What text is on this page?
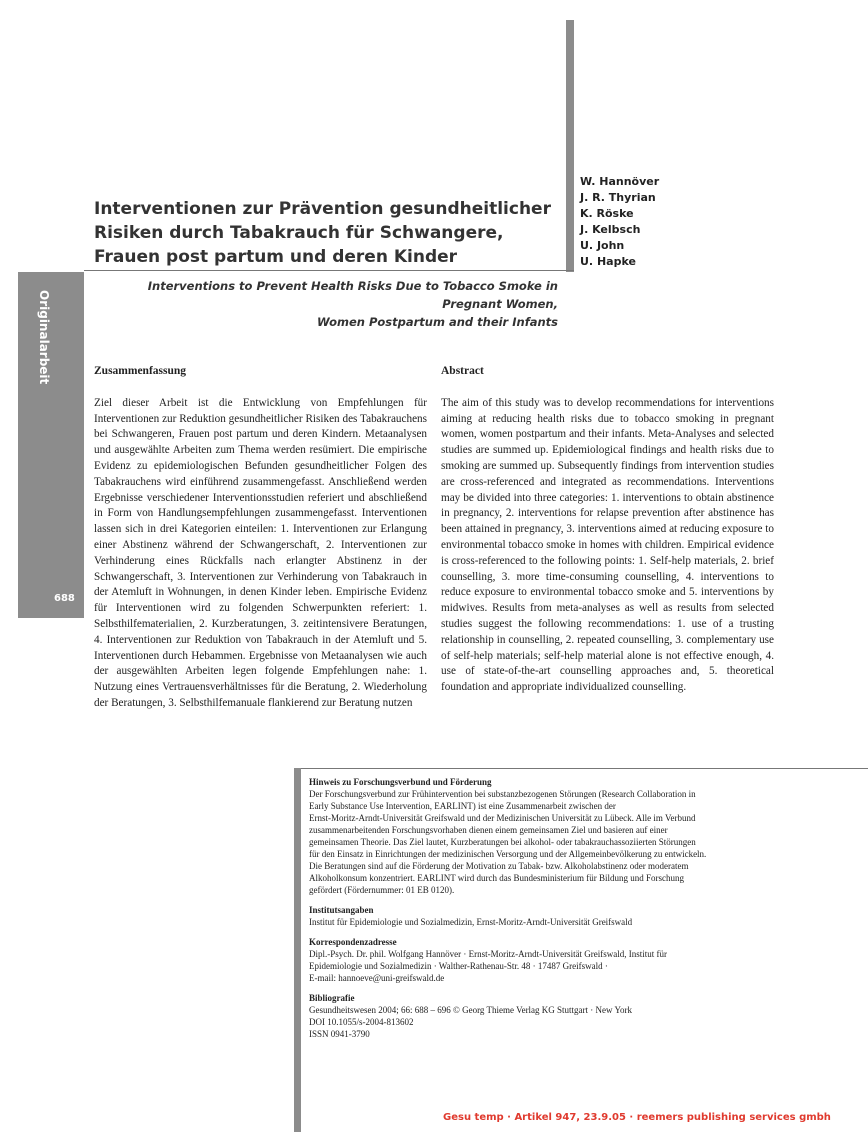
Originalarbeit
688
W. Hannöver
J. R. Thyrian
K. Röske
J. Kelbsch
U. John
U. Hapke
Interventionen zur Prävention gesundheitlicher
Risiken durch Tabakrauch für Schwangere,
Frauen post partum und deren Kinder
Interventions to Prevent Health Risks Due to Tobacco Smoke in Pregnant Women,
Women Postpartum and their Infants
Zusammenfassung

Ziel dieser Arbeit ist die Entwicklung von Empfehlungen für Interventionen zur Reduktion gesundheitlicher Risiken des Tabakrauchens bei Schwangeren, Frauen post partum und deren Kindern. Metaanalysen und ausgewählte Arbeiten zum Thema werden resümiert. Die empirische Evidenz zu epidemiologischen Befunden gesundheitlicher Folgen des Tabakrauchens wird einführend zusammengefasst. Anschließend werden Ergebnisse verschiedener Interventionsstudien referiert und abschließend in Form von Handlungsempfehlungen zusammengefasst. Interventionen lassen sich in drei Kategorien einteilen: 1. Interventionen zur Erlangung einer Abstinenz während der Schwangerschaft, 2. Interventionen zur Verhinderung eines Rückfalls nach erlangter Abstinenz in der Schwangerschaft, 3. Interventionen zur Verhinderung von Tabakrauch in der Atemluft in Wohnungen, in denen Kinder leben. Empirische Evidenz für Interventionen wird zu folgenden Schwerpunkten referiert: 1. Selbsthilfematerialien, 2. Kurzberatungen, 3. zeitintensivere Beratungen, 4. Interventionen zur Reduktion von Tabakrauch in der Atemluft und 5. Interventionen durch Hebammen. Ergebnisse von Metaanalysen wie auch der ausgewählten Arbeiten legen folgende Empfehlungen nahe: 1. Nutzung eines Vertrauensverhältnisses für die Beratung, 2. Wiederholung der Beratungen, 3. Selbsthilfemanuale flankierend zur Beratung nutzen

Abstract

The aim of this study was to develop recommendations for interventions aiming at reducing health risks due to tobacco smoking in pregnant women, women postpartum and their infants. Meta-Analyses and selected studies are summed up. Epidemiological findings and health risks due to smoking are summed up. Subsequently findings from intervention studies are cross-referenced and integrated as recommendations. Interventions may be divided into three categories: 1. interventions to obtain abstinence in pregnancy, 2. interventions for relapse prevention after abstinence has been attained in pregnancy, 3. interventions aimed at reducing exposure to environmental tobacco smoke in homes with children. Empirical evidence is cross-referenced to the following points: 1. Self-help materials, 2. brief counselling, 3. more time-consuming counselling, 4. interventions to reduce exposure to environmental tobacco smoke and 5. interventions by midwives. Results from meta-analyses as well as results from selected studies suggest the following recommendations: 1. use of a trusting relationship in counselling, 2. repeated counselling, 3. complementary use of self-help materials; self-help material alone is not effective enough, 4. use of state-of-the-art counselling approaches and, 5. theoretical foundation and appropriate individualized counselling.

Hinweis zu Forschungsverbund und Förderung
Der Forschungsverbund zur Frühintervention bei substanzbezogenen Störungen (Research Collaboration in
Early Substance Use Intervention, EARLINT) ist eine Zusammenarbeit zwischen der
Ernst-Moritz-Arndt-Universität Greifswald und der Medizinischen Universität zu Lübeck. Alle im Verbund
zusammenarbeitenden Forschungsvorhaben dienen einem gemeinsamen Ziel und basieren auf einer
gemeinsamen Theorie. Das Ziel lautet, Kurzberatungen bei alkohol- oder tabakrauchassoziierten Störungen
für den Einsatz in Einrichtungen der medizinischen Versorgung und der Allgemeinbevölkerung zu entwickeln.
Die Beratungen sind auf die Förderung der Motivation zu Tabak- bzw. Alkoholabstinenz oder moderatem
Alkoholkonsum konzentriert. EARLINT wird durch das Bundesministerium für Bildung und Forschung
gefördert (Fördernummer: 01 EB 0120).
Institutsangaben
Institut für Epidemiologie und Sozialmedizin, Ernst-Moritz-Arndt-Universität Greifswald
Korrespondenzadresse
Dipl.-Psych. Dr. phil. Wolfgang Hannöver · Ernst-Moritz-Arndt-Universität Greifswald, Institut für
Epidemiologie und Sozialmedizin · Walther-Rathenau-Str. 48 · 17487 Greifswald ·
E-mail: hannoeve@uni-greifswald.de
Bibliografie
Gesundheitswesen 2004; 66: 688 – 696 © Georg Thieme Verlag KG Stuttgart · New York
DOI 10.1055/s-2004-813602
ISSN 0941-3790
Gesu temp · Artikel 947, 23.9.05 · reemers publishing services gmbh
